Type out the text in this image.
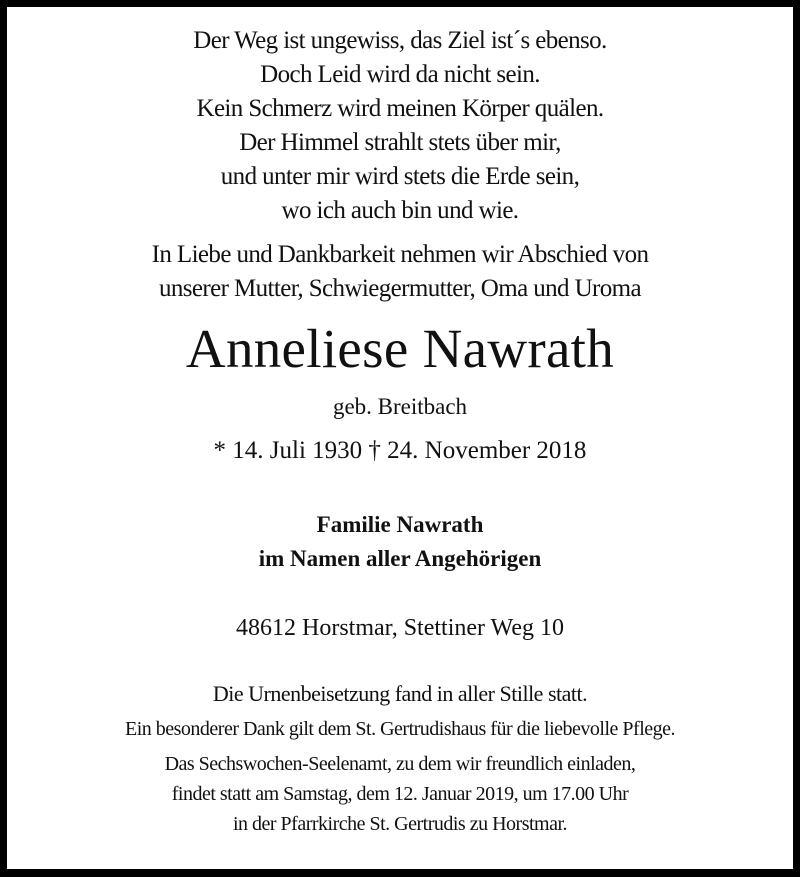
Der Weg ist ungewiss, das Ziel ist´s ebenso.
Doch Leid wird da nicht sein.
Kein Schmerz wird meinen Körper quälen.
Der Himmel strahlt stets über mir,
und unter mir wird stets die Erde sein,
wo ich auch bin und wie.
In Liebe und Dankbarkeit nehmen wir Abschied von
unserer Mutter, Schwiegermutter, Oma und Uroma
Anneliese Nawrath
geb. Breitbach
* 14. Juli 1930 † 24. November 2018
Familie Nawrath
im Namen aller Angehörigen
48612 Horstmar, Stettiner Weg 10
Die Urnenbeisetzung fand in aller Stille statt.
Ein besonderer Dank gilt dem St. Gertrudishaus für die liebevolle Pflege.
Das Sechswochen-Seelenamt, zu dem wir freundlich einladen,
findet statt am Samstag, dem 12. Januar 2019, um 17.00 Uhr
in der Pfarrkirche St. Gertrudis zu Horstmar.
